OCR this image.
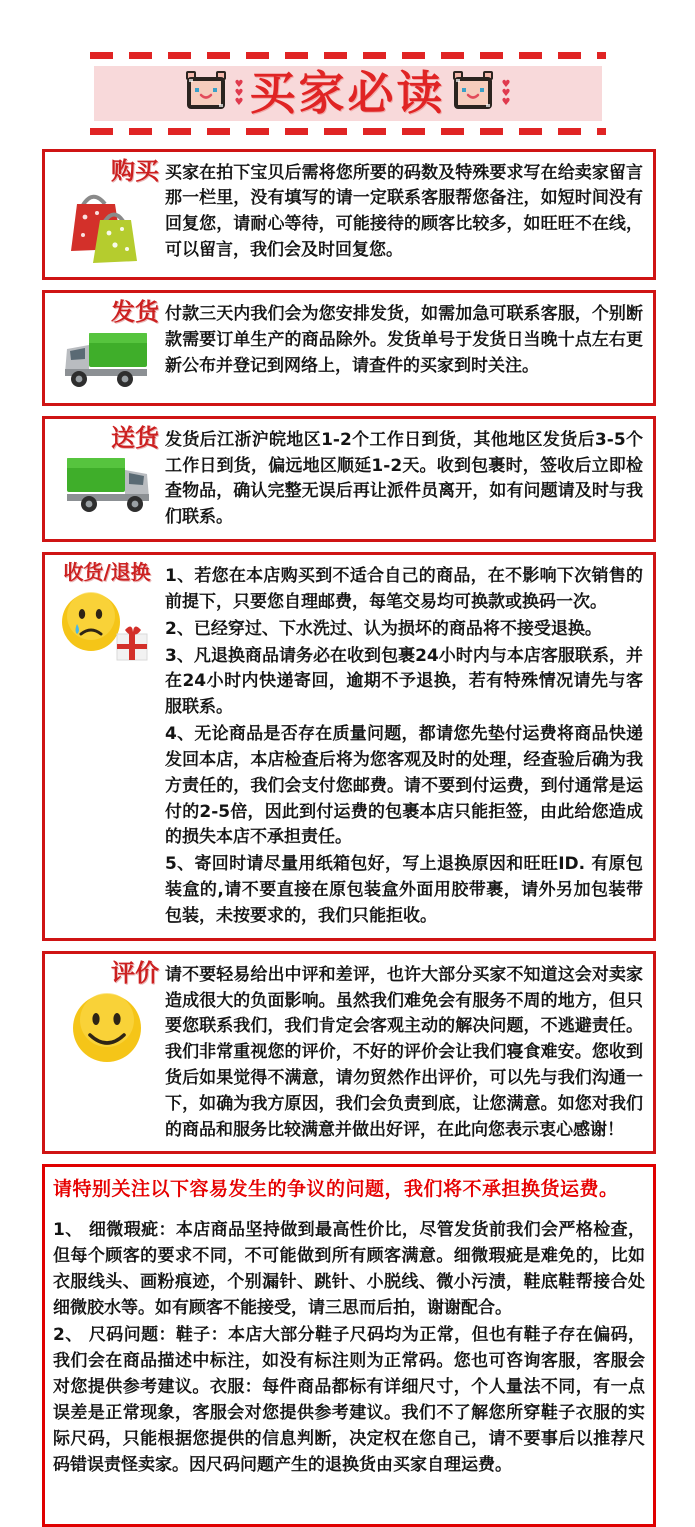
♥
♥
♥ 买家必读	♥
♥
♥
购买 买家在拍下宝贝后需将您所要的码数及特殊要求写在给卖家留言那一栏里，没有填写的请一定联系客服帮您备注，如短时间没有回复您，请耐心等待，可能接待的顾客比较多，如旺旺不在线，可以留言，我们会及时回复您。
发货 付款三天内我们会为您安排发货，如需加急可联系客服，个别断款需要订单生产的商品除外。发货单号于发货日当晚十点左右更新公布并登记到网络上，请查件的买家到时关注。
送货 发货后江浙沪皖地区1-2个工作日到货，其他地区发货后3-5个工作日到货，偏远地区顺延1-2天。收到包裹时，签收后立即检查物品，确认完整无误后再让派件员离开，如有问题请及时与我们联系。
收货/退换 1、若您在本店购买到不适合自己的商品，在不影响下次销售的前提下，只要您自理邮费，每笔交易均可换款或换码一次。

2、已经穿过、下水洗过、认为损坏的商品将不接受退换。

3、凡退换商品请务必在收到包裹24小时内与本店客服联系，并在24小时内快递寄回，逾期不予退换，若有特殊情况请先与客服联系。

4、无论商品是否存在质量问题，都请您先垫付运费将商品快递发回本店，本店检查后将为您客观及时的处理，经查验后确为我方责任的，我们会支付您邮费。请不要到付运费，到付通常是运付的2-5倍，因此到付运费的包裹本店只能拒签，由此给您造成的损失本店不承担责任。

5、寄回时请尽量用纸箱包好，写上退换原因和旺旺ID. 有原包装盒的,请不要直接在原包装盒外面用胶带裹，请外另加包装带包装，未按要求的，我们只能拒收。

评价 请不要轻易给出中评和差评，也许大部分买家不知道这会对卖家造成很大的负面影响。虽然我们难免会有服务不周的地方，但只要您联系我们，我们肯定会客观主动的解决问题，不逃避责任。我们非常重视您的评价，不好的评价会让我们寝食难安。您收到货后如果觉得不满意，请勿贸然作出评价，可以先与我们沟通一下，如确为我方原因，我们会负责到底，让您满意。如您对我们的商品和服务比较满意并做出好评，在此向您表示衷心感谢！
请特别关注以下容易发生的争议的问题，我们将不承担换货运费。

1、 细微瑕疵：本店商品坚持做到最高性价比，尽管发货前我们会严格检查，但每个顾客的要求不同，不可能做到所有顾客满意。细微瑕疵是难免的，比如衣服线头、画粉痕迹，个别漏针、跳针、小脱线、微小污渍，鞋底鞋帮接合处细微胶水等。如有顾客不能接受，请三思而后拍，谢谢配合。

2、 尺码问题：鞋子：本店大部分鞋子尺码均为正常，但也有鞋子存在偏码，我们会在商品描述中标注，如没有标注则为正常码。您也可咨询客服，客服会对您提供参考建议。衣服：每件商品都标有详细尺寸，个人量法不同，有一点误差是正常现象，客服会对您提供参考建议。我们不了解您所穿鞋子衣服的实际尺码，只能根据您提供的信息判断，决定权在您自己，请不要事后以推荐尺码错误责怪卖家。因尺码问题产生的退换货由买家自理运费。
